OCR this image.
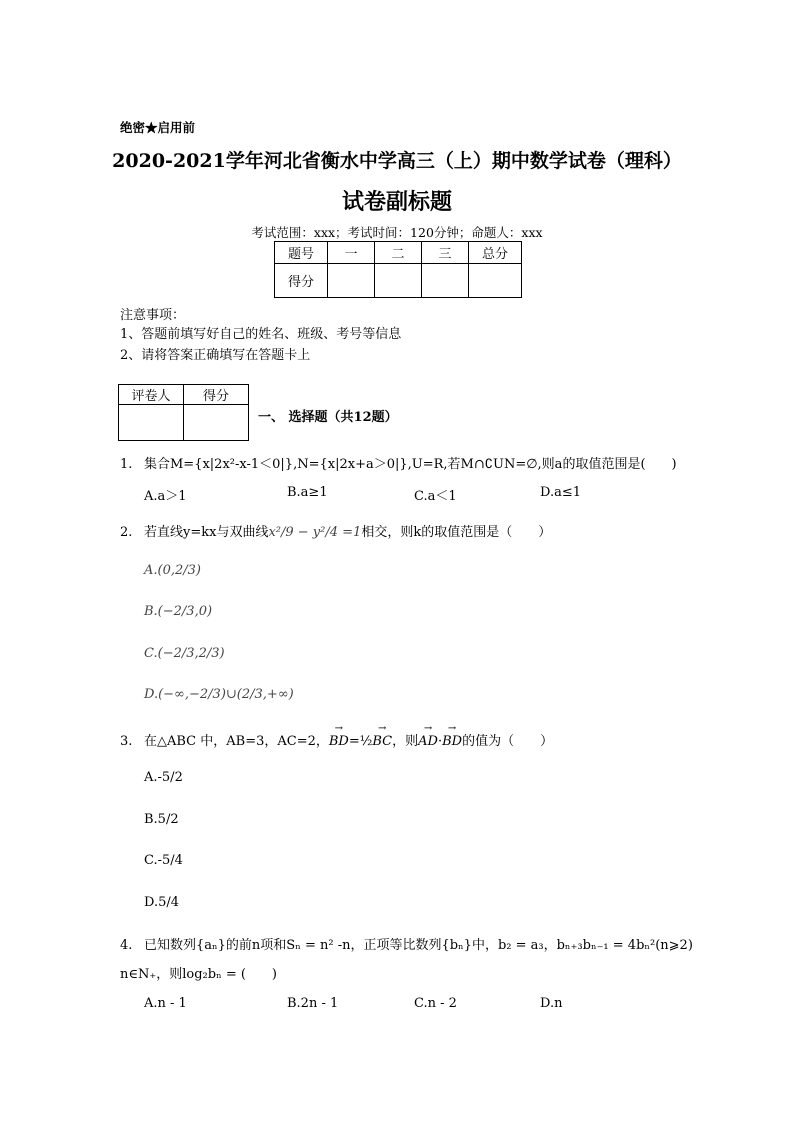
绝密★启用前
2020-2021学年河北省衡水中学高三（上）期中数学试卷（理科）
试卷副标题
考试范围：xxx；考试时间：120分钟；命题人：xxx
题号	一	二	三	总分
得分				
注意事项：
1、答题前填写好自己的姓名、班级、考号等信息
2、请将答案正确填写在答题卡上
评卷人	得分

一、 选择题（共12题）
1. 集合M={x|2x²-x-1＜0|},N={x|2x+a＞0|},U=R,若M∩∁UN=∅,则a的取值范围是(　　)
A.a＞1	B.a≥1	C.a＜1	D.a≤1
2. 若直线y=kx与双曲线x²/9 − y²/4 =1相交，则k的取值范围是（　　）
A.(0,2/3)
B.(−2/3,0)
C.(−2/3,2/3)
D.(−∞,−2/3)∪(2/3,+∞)
3. 在△ABC 中，AB=3，AC=2，→ BD=½→ BC，则→ AD·→ BD的值为（　　）
A.-5/2
B.5/2
C.-5/4
D.5/4
4. 已知数列{aₙ}的前n项和Sₙ = n² -n，正项等比数列{bₙ}中，b₂ = a₃，bₙ₊₃bₙ₋₁ = 4bₙ²(n⩾2)
n∈N₊，则log₂bₙ = (　　)
A.n - 1	B.2n - 1	C.n - 2	D.n
